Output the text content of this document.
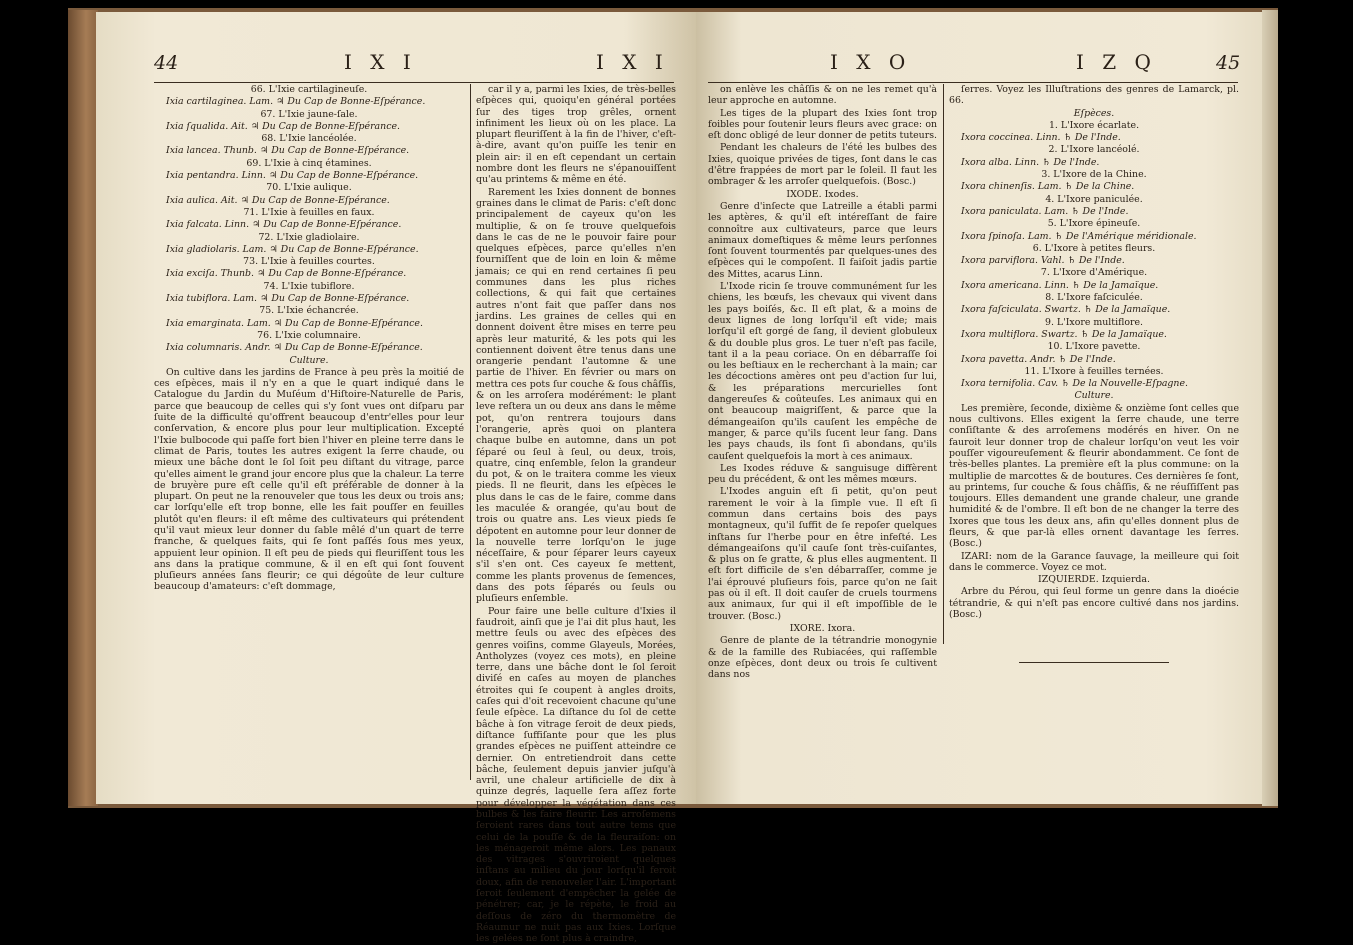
44	I X I	I X I

66. L'Ixie cartilagineuſe.

Ixia cartilaginea. Lam. ♃ Du Cap de Bonne-Eſpérance.

67. L'Ixie jaune-ſale.

Ixia ſqualida. Ait. ♃ Du Cap de Bonne-Eſpérance.

68. L'Ixie lancéolée.

Ixia lancea. Thunb. ♃ Du Cap de Bonne-Eſpérance.

69. L'Ixie à cinq étamines.

Ixia pentandra. Linn. ♃ Du Cap de Bonne-Eſpérance.

70. L'Ixie aulique.

Ixia aulica. Ait. ♃ Du Cap de Bonne-Eſpérance.

71. L'Ixie à feuilles en faux.

Ixia falcata. Linn. ♃ Du Cap de Bonne-Eſpérance.

72. L'Ixie gladiolaire.

Ixia gladiolaris. Lam. ♃ Du Cap de Bonne-Eſpérance.

73. L'Ixie à feuilles courtes.

Ixia exciſa. Thunb. ♃ Du Cap de Bonne-Eſpérance.

74. L'Ixie tubiflore.

Ixia tubiflora. Lam. ♃ Du Cap de Bonne-Eſpérance.

75. L'Ixie échancrée.

Ixia emarginata. Lam. ♃ Du Cap de Bonne-Eſpérance.

76. L'Ixie columnaire.

Ixia columnaris. Andr. ♃ Du Cap de Bonne-Eſpérance.

Culture.

On cultive dans les jardins de France à peu près la moitié de ces eſpèces, mais il n'y en a que le quart indiqué dans le Catalogue du Jardin du Muſéum d'Hiſtoire-Naturelle de Paris, parce que beaucoup de celles qui s'y ſont vues ont diſparu par ſuite de la difficulté qu'offrent beaucoup d'entr'elles pour leur conſervation, & encore plus pour leur multiplication. Excepté l'Ixie bulbocode qui paſſe fort bien l'hiver en pleine terre dans le climat de Paris, toutes les autres exigent la ſerre chaude, ou mieux une bâche dont le ſol ſoit peu diſtant du vitrage, parce qu'elles aiment le grand jour encore plus que la chaleur. La terre de bruyère pure eſt celle qu'il eſt préférable de donner à la plupart. On peut ne la renouveler que tous les deux ou trois ans; car lorſqu'elle eſt trop bonne, elle les fait pouſſer en feuilles plutôt qu'en fleurs: il eſt même des cultivateurs qui prétendent qu'il vaut mieux leur donner du ſable mêlé d'un quart de terre franche, & quelques faits, qui ſe ſont paſſés ſous mes yeux, appuient leur opinion. Il eſt peu de pieds qui fleuriſſent tous les ans dans la pratique commune, & il en eſt qui ſont ſouvent pluſieurs années ſans fleurir; ce qui dégoûte de leur culture beaucoup d'amateurs: c'eſt dommage,

car il y a, parmi les Ixies, de très-belles eſpèces qui, quoiqu'en général portées ſur des tiges trop grêles, ornent infiniment les lieux où on les place. La plupart fleuriſſent à la fin de l'hiver, c'eſt-à-dire, avant qu'on puiſſe les tenir en plein air: il en eſt cependant un certain nombre dont les fleurs ne s'épanouiſſent qu'au printems & même en été.

Rarement les Ixies donnent de bonnes graines dans le climat de Paris: c'eſt donc principalement de cayeux qu'on les multiplie, & on ſe trouve quelquefois dans le cas de ne le pouvoir faire pour quelques eſpèces, parce qu'elles n'en fourniſſent que de loin en loin & même jamais; ce qui en rend certaines ſi peu communes dans les plus riches collections, & qui fait que certaines autres n'ont fait que paſſer dans nos jardins. Les graines de celles qui en donnent doivent être mises en terre peu après leur maturité, & les pots qui les contiennent doivent être tenus dans une orangerie pendant l'automne & une partie de l'hiver. En février ou mars on mettra ces pots ſur couche & ſous châſſis, & on les arroſera modérément: le plant leve reſtera un ou deux ans dans le même pot, qu'on rentrera toujours dans l'orangerie, après quoi on plantera chaque bulbe en automne, dans un pot ſéparé ou ſeul à ſeul, ou deux, trois, quatre, cinq enſemble, ſelon la grandeur du pot, & on le traitera comme les vieux pieds. Il ne fleurit, dans les eſpèces le plus dans le cas de le faire, comme dans les maculée & orangée, qu'au bout de trois ou quatre ans. Les vieux pieds ſe dépotent en automne pour leur donner de la nouvelle terre lorſqu'on le juge néceſſaire, & pour ſéparer leurs cayeux s'il s'en ont. Ces cayeux ſe mettent, comme les plants provenus de ſemences, dans des pots ſéparés ou ſeuls ou pluſieurs enſemble.

Pour faire une belle culture d'Ixies il faudroit, ainſi que je l'ai dit plus haut, les mettre ſeuls ou avec des eſpèces des genres voiſins, comme Glayeuls, Morées, Antholyzes (voyez ces mots), en pleine terre, dans une bâche dont le ſol ſeroit diviſé en caſes au moyen de planches étroites qui ſe coupent à angles droits, caſes qui d'oit recevoient chacune qu'une ſeule eſpèce. La diſtance du ſol de cette bâche à ſon vitrage ſeroit de deux pieds, diſtance ſuffiſante pour que les plus grandes eſpèces ne puiſſent atteindre ce dernier. On entretiendroit dans cette bâche, ſeulement depuis janvier juſqu'à avril, une chaleur artificielle de dix à quinze degrés, laquelle ſera aſſez forte pour développer la végétation dans ces bulbes & les faire fleurir. Les arroſemens ſeroient rares dans tout autre tems que celui de la pouſſe & de la fleuraiſon: on les ménageroit même alors. Les panaux des vitrages s'ouvriroient quelques inſtans au milieu du jour lorſqu'il feroit doux, afin de renouveler l'air. L'important ſeroit ſeulement d'empêcher la gelée de pénétrer; car, je le répète, le froid au deſſous de zéro du thermomètre de Réaumur ne nuit pas aux Ixies. Lorſque les gelées ne ſont plus à craindre,

I X O	I Z Q	45

on enlève les châſſis & on ne les remet qu'à leur approche en automne.

Les tiges de la plupart des Ixies ſont trop foibles pour ſoutenir leurs fleurs avec grace: on eſt donc obligé de leur donner de petits tuteurs.

Pendant les chaleurs de l'été les bulbes des Ixies, quoique privées de tiges, ſont dans le cas d'être frappées de mort par le ſoleil. Il faut les ombrager & les arroſer quelquefois. (Bosc.)

IXODE. Ixodes.

Genre d'inſecte que Latreille a établi parmi les aptères, & qu'il eſt intéreſſant de faire connoître aux cultivateurs, parce que leurs animaux domeſtiques & même leurs perſonnes ſont ſouvent tourmentés par quelques-unes des eſpèces qui le compoſent. Il faiſoit jadis partie des Mittes, acarus Linn.

L'Ixode ricin ſe trouve communément ſur les chiens, les bœufs, les chevaux qui vivent dans les pays boiſés, &c. Il eſt plat, & a moins de deux lignes de long lorſqu'il eſt vide; mais lorſqu'il eſt gorgé de ſang, il devient globuleux & du double plus gros. Le tuer n'eſt pas facile, tant il a la peau coriace. On en débarraſſe ſoi ou les beſtiaux en le recherchant à la main; car les décoctions amères ont peu d'action ſur lui, & les préparations mercurielles ſont dangereuſes & coûteuſes. Les animaux qui en ont beaucoup maigriſſent, & parce que la démangeaiſon qu'ils cauſent les empêche de manger, & parce qu'ils ſucent leur ſang. Dans les pays chauds, ils ſont ſi abondans, qu'ils cauſent quelquefois la mort à ces animaux.

Les Ixodes réduve & sanguisuge diffèrent peu du précédent, & ont les mêmes mœurs.

L'Ixodes anguin eſt ſi petit, qu'on peut rarement le voir à la ſimple vue. Il eſt ſi commun dans certains bois des pays montagneux, qu'il ſuffit de ſe repoſer quelques inſtans ſur l'herbe pour en être infeſté. Les démangeaiſons qu'il cauſe ſont très-cuiſantes, & plus on ſe gratte, & plus elles augmentent. Il eſt fort difficile de s'en débarraſſer, comme je l'ai éprouvé pluſieurs fois, parce qu'on ne ſait pas où il eſt. Il doit cauſer de cruels tourmens aux animaux, ſur qui il eſt impoſſible de le trouver. (Bosc.)

IXORE. Ixora.

Genre de plante de la tétrandrie monogynie & de la famille des Rubiacées, qui raſſemble onze eſpèces, dont deux ou trois ſe cultivent dans nos

ſerres. Voyez les Illuſtrations des genres de Lamarck, pl. 66.

Eſpèces.

1. L'Ixore écarlate.

Ixora coccinea. Linn. ♄ De l'Inde.

2. L'Ixore lancéolé.

Ixora alba. Linn. ♄ De l'Inde.

3. L'Ixore de la Chine.

Ixora chinenſis. Lam. ♄ De la Chine.

4. L'Ixore paniculée.

Ixora paniculata. Lam. ♄ De l'Inde.

5. L'Ixore épineuſe.

Ixora ſpinoſa. Lam. ♄ De l'Amérique méridionale.

6. L'Ixore à petites fleurs.

Ixora parviflora. Vahl. ♄ De l'Inde.

7. L'Ixore d'Amérique.

Ixora americana. Linn. ♄ De la Jamaïque.

8. L'Ixore faſciculée.

Ixora faſciculata. Swartz. ♄ De la Jamaïque.

9. L'Ixore multiflore.

Ixora multiflora. Swartz. ♄ De la Jamaïque.

10. L'Ixore pavette.

Ixora pavetta. Andr. ♄ De l'Inde.

11. L'Ixore à feuilles ternées.

Ixora ternifolia. Cav. ♄ De la Nouvelle-Eſpagne.

Culture.

Les première, ſeconde, dixième & onzième ſont celles que nous cultivons. Elles exigent la ſerre chaude, une terre conſiſtante & des arroſemens modérés en hiver. On ne fauroit leur donner trop de chaleur lorſqu'on veut les voir pouſſer vigoureuſement & fleurir abondamment. Ce ſont de très-belles plantes. La première eſt la plus commune: on la multiplie de marcottes & de boutures. Ces dernières ſe ſont, au printems, ſur couche & ſous châſſis, & ne réuſſiſſent pas toujours. Elles demandent une grande chaleur, une grande humidité & de l'ombre. Il eſt bon de ne changer la terre des Ixores que tous les deux ans, afin qu'elles donnent plus de fleurs, & que par-là elles ornent davantage les ſerres. (Bosc.)

IZARI: nom de la Garance ſauvage, la meilleure qui ſoit dans le commerce. Voyez ce mot.

IZQUIERDE. Izquierda.

Arbre du Pérou, qui ſeul forme un genre dans la dioécie tétrandrie, & qui n'eſt pas encore cultivé dans nos jardins. (Bosc.)
